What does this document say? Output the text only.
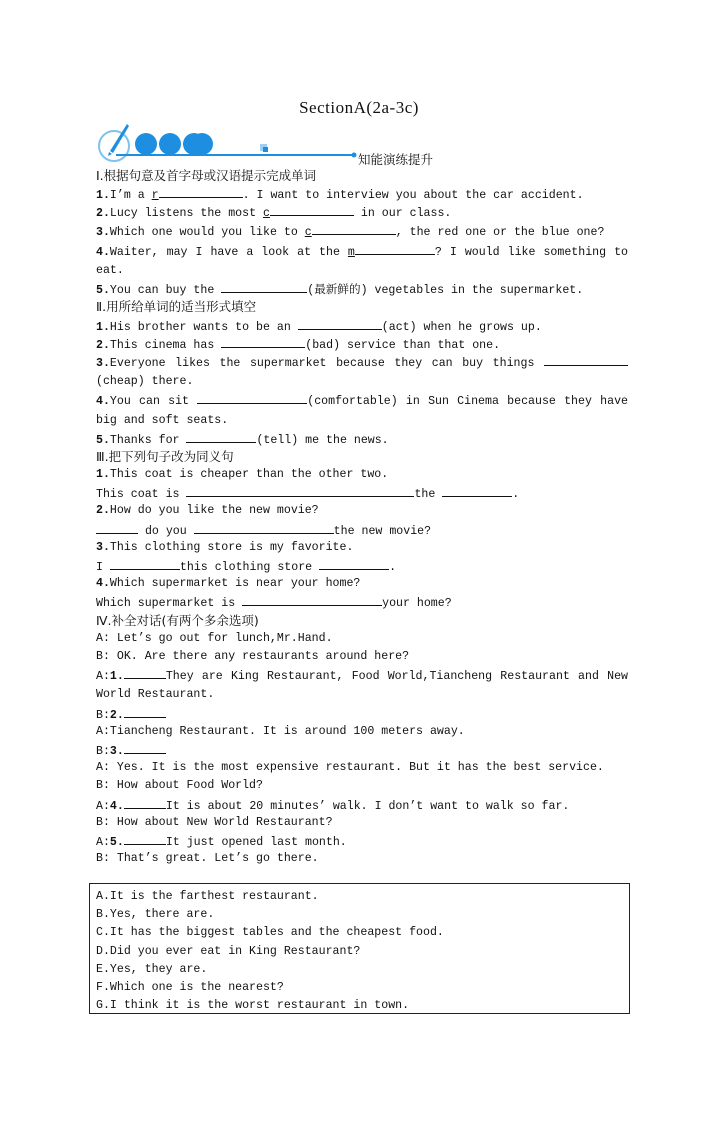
SectionA(2a-3c)
知能演练提升
Ⅰ.根据句意及首字母或汉语提示完成单词
1.I’m a r	. I want to interview you about the car accident.
2.Lucy listens the most c	in our class.
3.Which one would you like to c	, the red one or the blue one?
4.Waiter, may I have a look at the m	? I would like something to eat.
5.You can buy the	(最新鲜的) vegetables in the supermarket.
Ⅱ.用所给单词的适当形式填空
1.His brother wants to be an	(act) when he grows up.
2.This cinema has	(bad) service than that one.
3.Everyone likes the supermarket because they can buy things  (cheap) there.
4.You can sit	(comfortable) in Sun Cinema because they have big and soft seats.
5.Thanks for	(tell) me the news.
Ⅲ.把下列句子改为同义句
1.This coat is cheaper than the other two.
This coat is	the	.
2.How do you like the new movie?
do you	the new movie?
3.This clothing store is my favorite.
I	this clothing store	.
4.Which supermarket is near your home?
Which supermarket is	your home?
Ⅳ.补全对话(有两个多余选项)
A: Let’s go out for lunch,Mr.Hand.
B: OK. Are there any restaurants around here?
A:1.	They are King Restaurant, Food World,Tiancheng Restaurant and New World Restaurant.
B:2.
A:Tiancheng Restaurant. It is around 100 meters away.
B:3.
A: Yes. It is the most expensive restaurant. But it has the best service.
B: How about Food World?
A:4.	It is about 20 minutes’ walk. I don’t want to walk so far.
B: How about New World Restaurant?
A:5.	It just opened last month.
B: That’s great. Let’s go there.
A.It is the farthest restaurant.
B.Yes, there are.
C.It has the biggest tables and the cheapest food.
D.Did you ever eat in King Restaurant?
E.Yes, they are.
F.Which one is the nearest?
G.I think it is the worst restaurant in town.
